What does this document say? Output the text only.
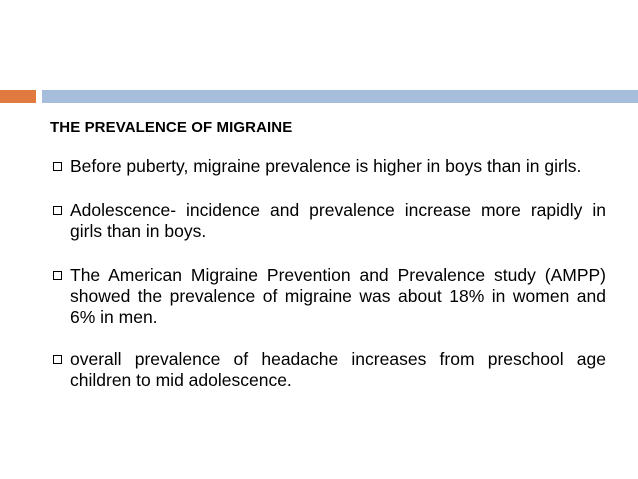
THE PREVALENCE OF MIGRAINE
Before puberty, migraine prevalence is higher in boys than in girls.
Adolescence- incidence and prevalence increase more rapidly in girls than in boys.
The American Migraine Prevention and Prevalence study (AMPP) showed the prevalence of migraine was about 18% in women and 6% in men.
overall prevalence of headache increases from preschool age children to mid adolescence.
